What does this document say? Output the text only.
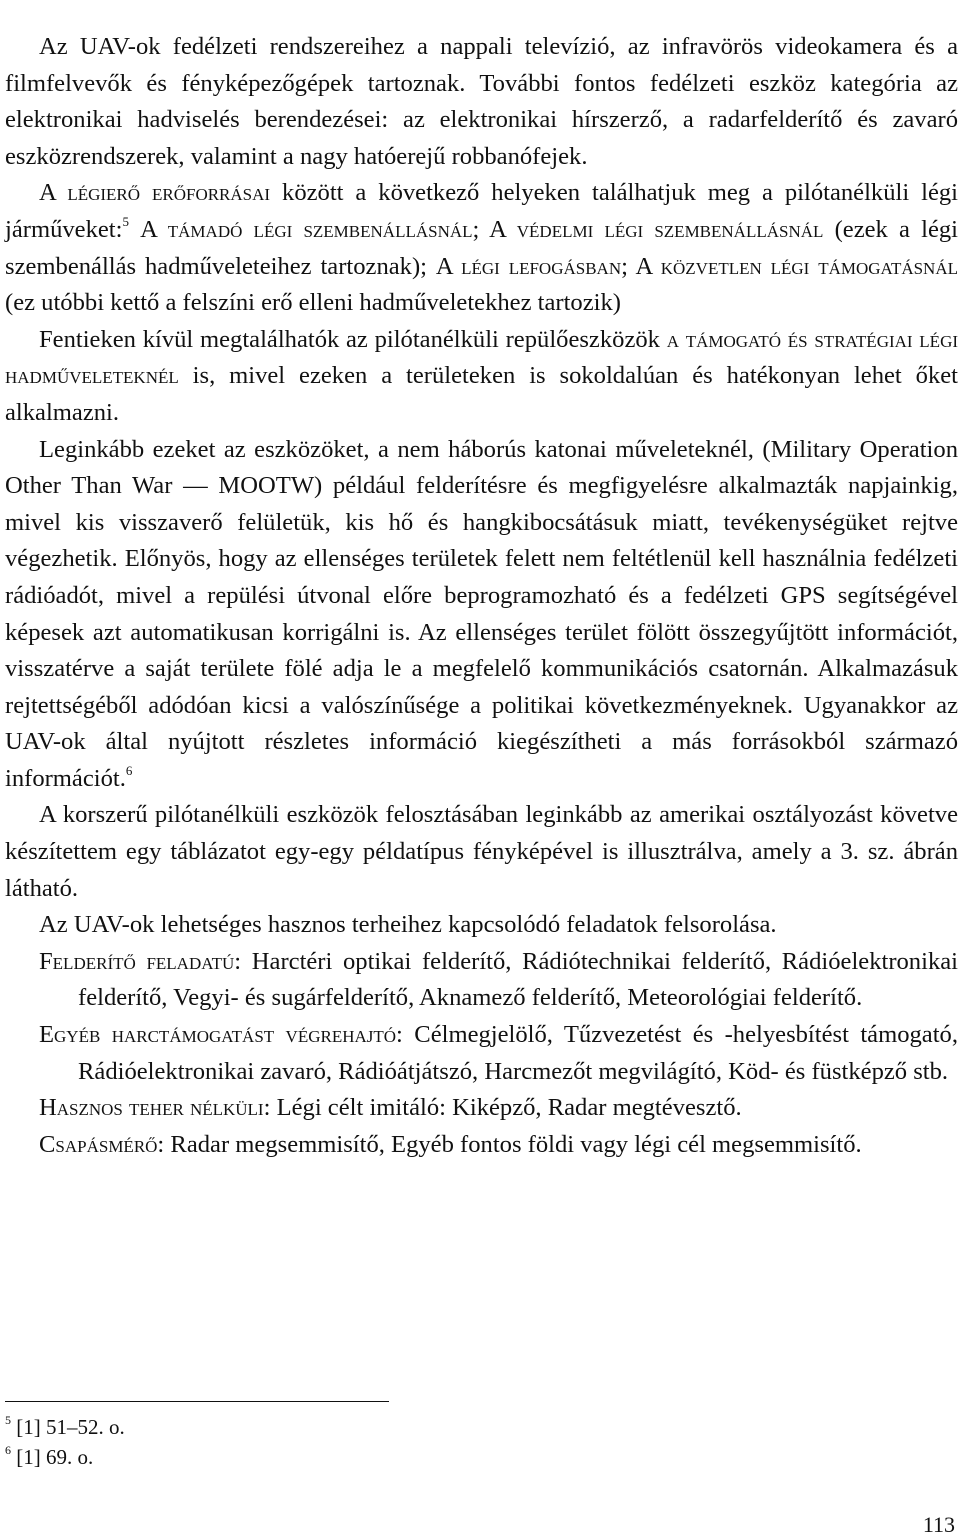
Az UAV-ok fedélzeti rendszereihez a nappali televízió, az infravörös videokamera és a filmfelvevők és fényképezőgépek tartoznak. További fontos fedélzeti eszköz kategória az elektronikai hadviselés berendezései: az elektronikai hírszerző, a radarfelderítő és zavaró eszközrendszerek, valamint a nagy hatóerejű robbanófejek.

A légierő erőforrásai között a következő helyeken találhatjuk meg a pilótanélküli légi járműveket:$^5$ A támadó légi szembenállásnál; A védelmi légi szembenállásnál (ezek a légi szembenállás hadműveleteihez tartoznak); A légi lefogásban; A közvetlen légi támogatásnál (ez utóbbi kettő a felszíni erő elleni hadműveletekhez tartozik)

Fentieken kívül megtalálhatók az pilótanélküli repülőeszközök a támogató és stratégiai légi hadműveleteknél is, mivel ezeken a területeken is sokoldalúan és hatékonyan lehet őket alkalmazni.

Leginkább ezeket az eszközöket, a nem háborús katonai műveleteknél, (Military Operation Other Than War — MOOTW) például felderítésre és megfigyelésre alkalmazták napjainkig, mivel kis visszaverő felületük, kis hő és hangkibocsátásuk miatt, tevékenységüket rejtve végezhetik. Előnyös, hogy az ellenséges területek felett nem feltétlenül kell használnia fedélzeti rádióadót, mivel a repülési útvonal előre beprogramozható és a fedélzeti GPS segítségével képesek azt automatikusan korrigálni is. Az ellenséges terület fölött összegyűjtött információt, visszatérve a saját területe fölé adja le a megfelelő kommunikációs csatornán. Alkalmazásuk rejtettségéből adódóan kicsi a valószínűsége a politikai következményeknek. Ugyanakkor az UAV-ok által nyújtott részletes információ kiegészítheti a más forrásokból származó információt.$^6$

A korszerű pilótanélküli eszközök felosztásában leginkább az amerikai osztályozást követve készítettem egy táblázatot egy-egy példatípus fényképével is illusztrálva, amely a 3. sz. ábrán látható.

Az UAV-ok lehetséges hasznos terheihez kapcsolódó feladatok felsorolása.

Felderítő feladatú: Harctéri optikai felderítő, Rádiótechnikai felderítő, Rádióelektronikai felderítő, Vegyi- és sugárfelderítő, Aknamező felderítő, Meteorológiai felderítő.

Egyéb harctámogatást végrehajtó: Célmegjelölő, Tűzvezetést és -helyesbítést támogató, Rádióelektronikai zavaró, Rádióátjátszó, Harcmezőt megvilágító, Köd- és füstképző stb.

Hasznos teher nélküli: Légi célt imitáló: Kiképző, Radar megtévesztő.

Csapásmérő: Radar megsemmisítő, Egyéb fontos földi vagy légi cél megsemmisítő.

$^5$ [1] 51–52. o.

$^6$ [1] 69. o.

113
